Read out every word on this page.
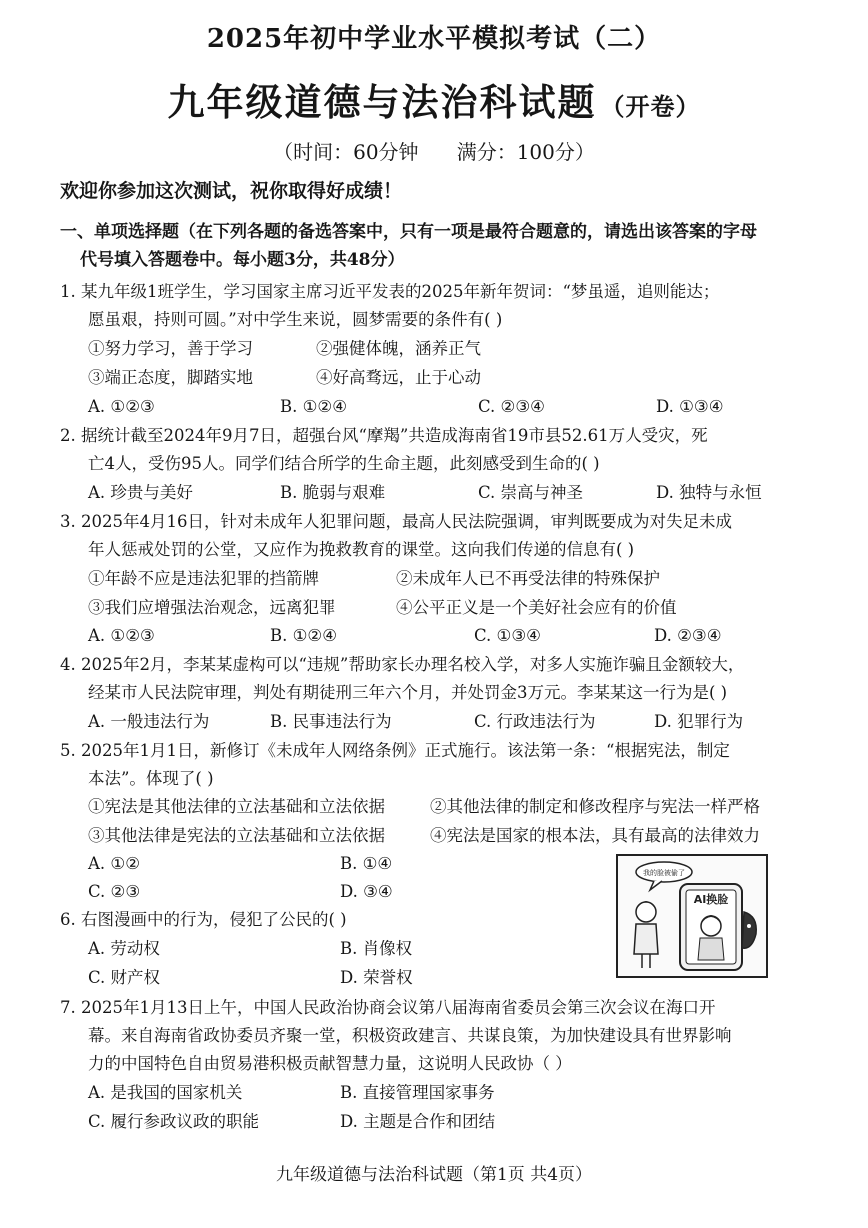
2025年初中学业水平模拟考试（二）
九年级道德与法治科试题 （开卷）
（时间：60分钟      满分：100分）
欢迎你参加这次测试，祝你取得好成绩！
一、单项选择题（在下列各题的备选答案中，只有一项是最符合题意的，请选出该答案的字母
代号填入答题卷中。每小题3分，共48分）
1. 某九年级1班学生，学习国家主席习近平发表的2025年新年贺词：“梦虽遥，追则能达；
愿虽艰，持则可圆。”对中学生来说，圆梦需要的条件有( )
①努力学习，善于学习	②强健体魄，涵养正气
③端正态度，脚踏实地	④好高骛远，止于心动
A. ①②③	B. ①②④	C. ②③④	D. ①③④
2. 据统计截至2024年9月7日，超强台风“摩羯”共造成海南省19市县52.61万人受灾，死
亡4人，受伤95人。同学们结合所学的生命主题，此刻感受到生命的( )
A. 珍贵与美好	B. 脆弱与艰难	C. 崇高与神圣	D. 独特与永恒
3. 2025年4月16日，针对未成年人犯罪问题，最高人民法院强调，审判既要成为对失足未成
年人惩戒处罚的公堂，又应作为挽救教育的课堂。这向我们传递的信息有( )
①年龄不应是违法犯罪的挡箭牌	②未成年人已不再受法律的特殊保护
③我们应增强法治观念，远离犯罪	④公平正义是一个美好社会应有的价值
A. ①②③	B. ①②④	C. ①③④	D. ②③④
4. 2025年2月，李某某虚构可以“违规”帮助家长办理名校入学，对多人实施诈骗且金额较大，
经某市人民法院审理，判处有期徒刑三年六个月，并处罚金3万元。李某某这一行为是( )
A. 一般违法行为	B. 民事违法行为	C. 行政违法行为	D. 犯罪行为
5. 2025年1月1日，新修订《未成年人网络条例》正式施行。该法第一条：“根据宪法，制定
本法”。体现了( )
①宪法是其他法律的立法基础和立法依据	②其他法律的制定和修改程序与宪法一样严格
③其他法律是宪法的立法基础和立法依据	④宪法是国家的根本法，具有最高的法律效力
A. ①②	B. ①④
C. ②③	D. ③④
6. 右图漫画中的行为，侵犯了公民的( )
A. 劳动权	B. 肖像权
C. 财产权	D. 荣誉权
我的脸被偷了
AI换脸
7. 2025年1月13日上午，中国人民政治协商会议第八届海南省委员会第三次会议在海口开
幕。来自海南省政协委员齐聚一堂，积极资政建言、共谋良策，为加快建设具有世界影响
力的中国特色自由贸易港积极贡献智慧力量，这说明人民政协（ ）
A. 是我国的国家机关	B. 直接管理国家事务
C. 履行参政议政的职能	D. 主题是合作和团结
九年级道德与法治科试题（第1页 共4页）
